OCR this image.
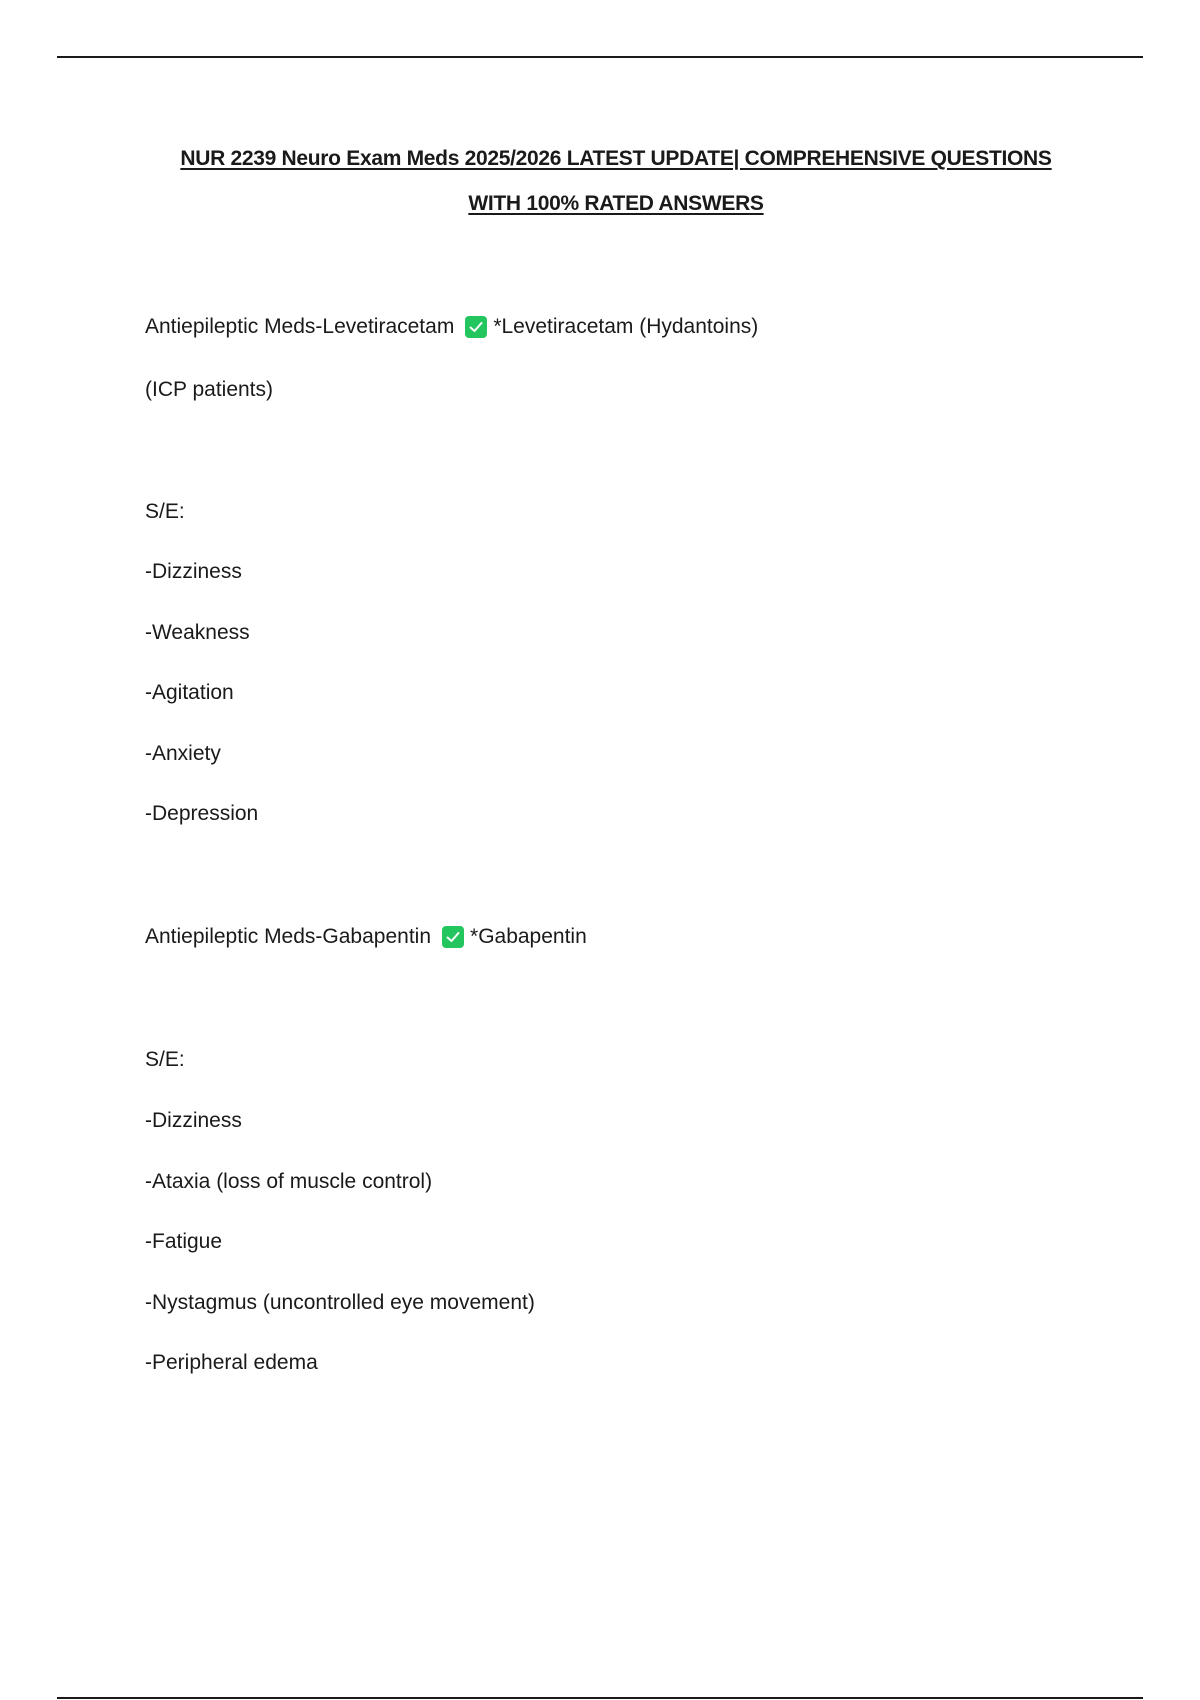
NUR 2239 Neuro Exam Meds 2025/2026 LATEST UPDATE| COMPREHENSIVE QUESTIONS
WITH 100% RATED ANSWERS
Antiepileptic Meds-Levetiracetam *Levetiracetam (Hydantoins)
(ICP patients)
S/E:
-Dizziness
-Weakness
-Agitation
-Anxiety
-Depression
Antiepileptic Meds-Gabapentin *Gabapentin
S/E:
-Dizziness
-Ataxia (loss of muscle control)
-Fatigue
-Nystagmus (uncontrolled eye movement)
-Peripheral edema
